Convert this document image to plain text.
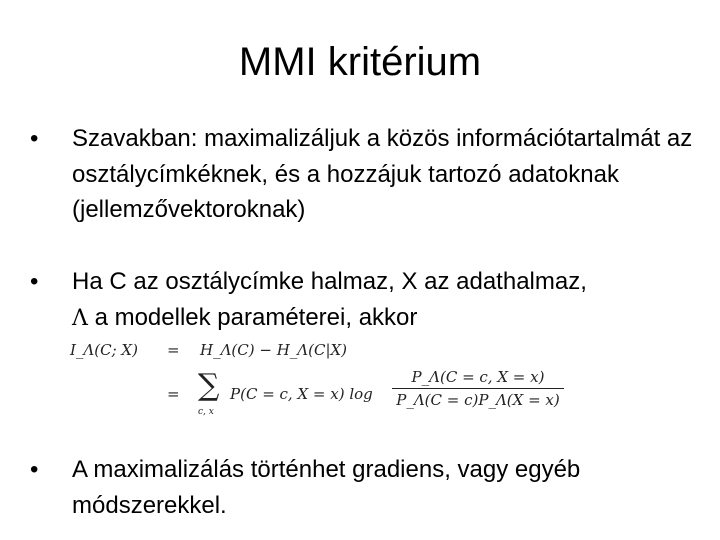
MMI kritérium
•	Szavakban: maximalizáljuk a közös információtartalmát az osztálycímkéknek, és a hozzájuk tartozó adatoknak (jellemzővektoroknak)
•	Ha C az osztálycímke halmaz, X az adathalmaz,
Λ a modellek paraméterei, akkor
I_Λ(C; X) = H_Λ(C) − H_Λ(C|X)
= ∑
c, x
P(C = c, X = x) log
P_Λ(C = c, X = x)
P_Λ(C = c)P_Λ(X = x)
•	A maximalizálás történhet gradiens, vagy egyéb módszerekkel.
